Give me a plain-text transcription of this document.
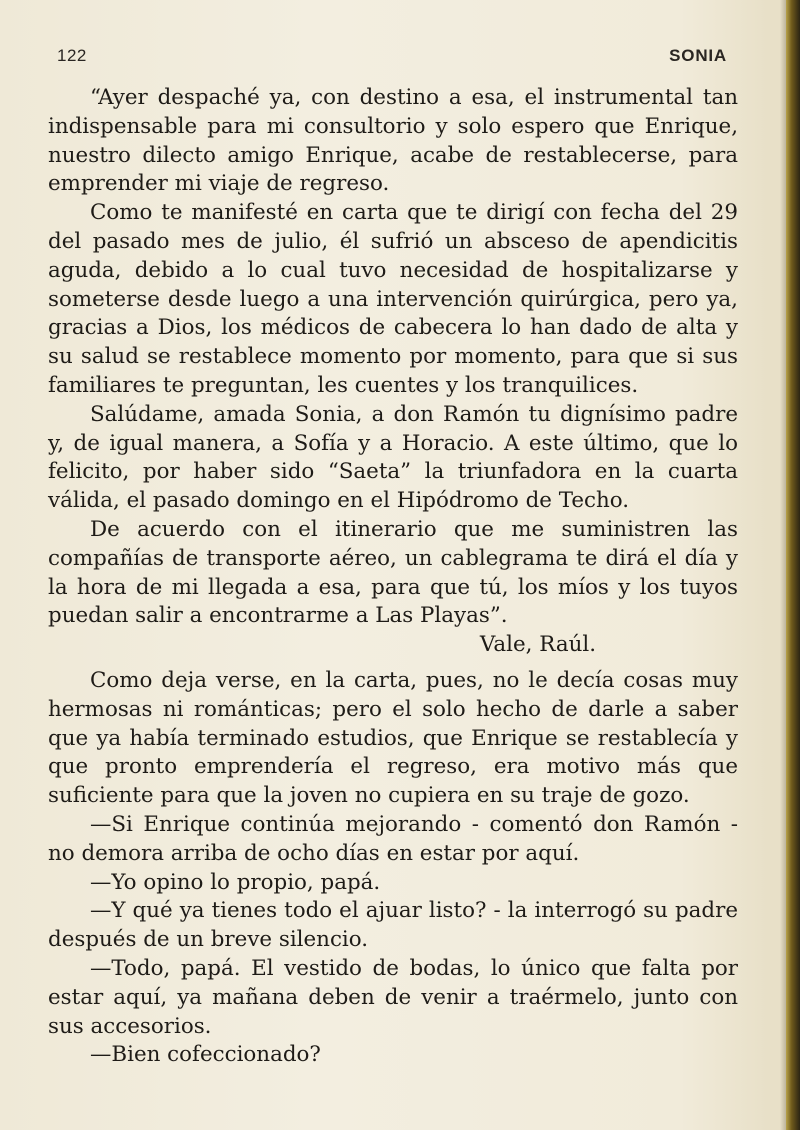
122	SONIA

“Ayer despaché ya, con destino a esa, el instrumental tan indispensable para mi consultorio y solo espero que Enrique, nuestro dilecto amigo Enrique, acabe de restablecerse, para emprender mi viaje de regreso.

Como te manifesté en carta que te dirigí con fecha del 29 del pasado mes de julio, él sufrió un absceso de apendicitis aguda, debido a lo cual tuvo necesidad de hospitalizarse y someterse desde luego a una intervención quirúrgica, pero ya, gracias a Dios, los médicos de cabecera lo han dado de alta y su salud se restablece momento por momento, para que si sus familiares te preguntan, les cuentes y los tranquilices.

Salúdame, amada Sonia, a don Ramón tu dignísimo padre y, de igual manera, a Sofía y a Horacio. A este último, que lo felicito, por haber sido “Saeta” la triunfadora en la cuarta válida, el pasado domingo en el Hipódromo de Techo.

De acuerdo con el itinerario que me suministren las compañías de transporte aéreo, un cablegrama te dirá el día y la hora de mi llegada a esa, para que tú, los míos y los tuyos puedan salir a encontrarme a Las Playas”.

Vale, Raúl.

Como deja verse, en la carta, pues, no le decía cosas muy hermosas ni románticas; pero el solo hecho de darle a saber que ya había terminado estudios, que Enrique se restablecía y que pronto emprendería el regreso, era motivo más que suficiente para que la joven no cupiera en su traje de gozo.

—Si Enrique continúa mejorando - comentó don Ramón - no demora arriba de ocho días en estar por aquí.

—Yo opino lo propio, papá.

—Y qué ya tienes todo el ajuar listo? - la interrogó su padre después de un breve silencio.

—Todo, papá. El vestido de bodas, lo único que falta por estar aquí, ya mañana deben de venir a traérmelo, junto con sus accesorios.

—Bien cofeccionado?
